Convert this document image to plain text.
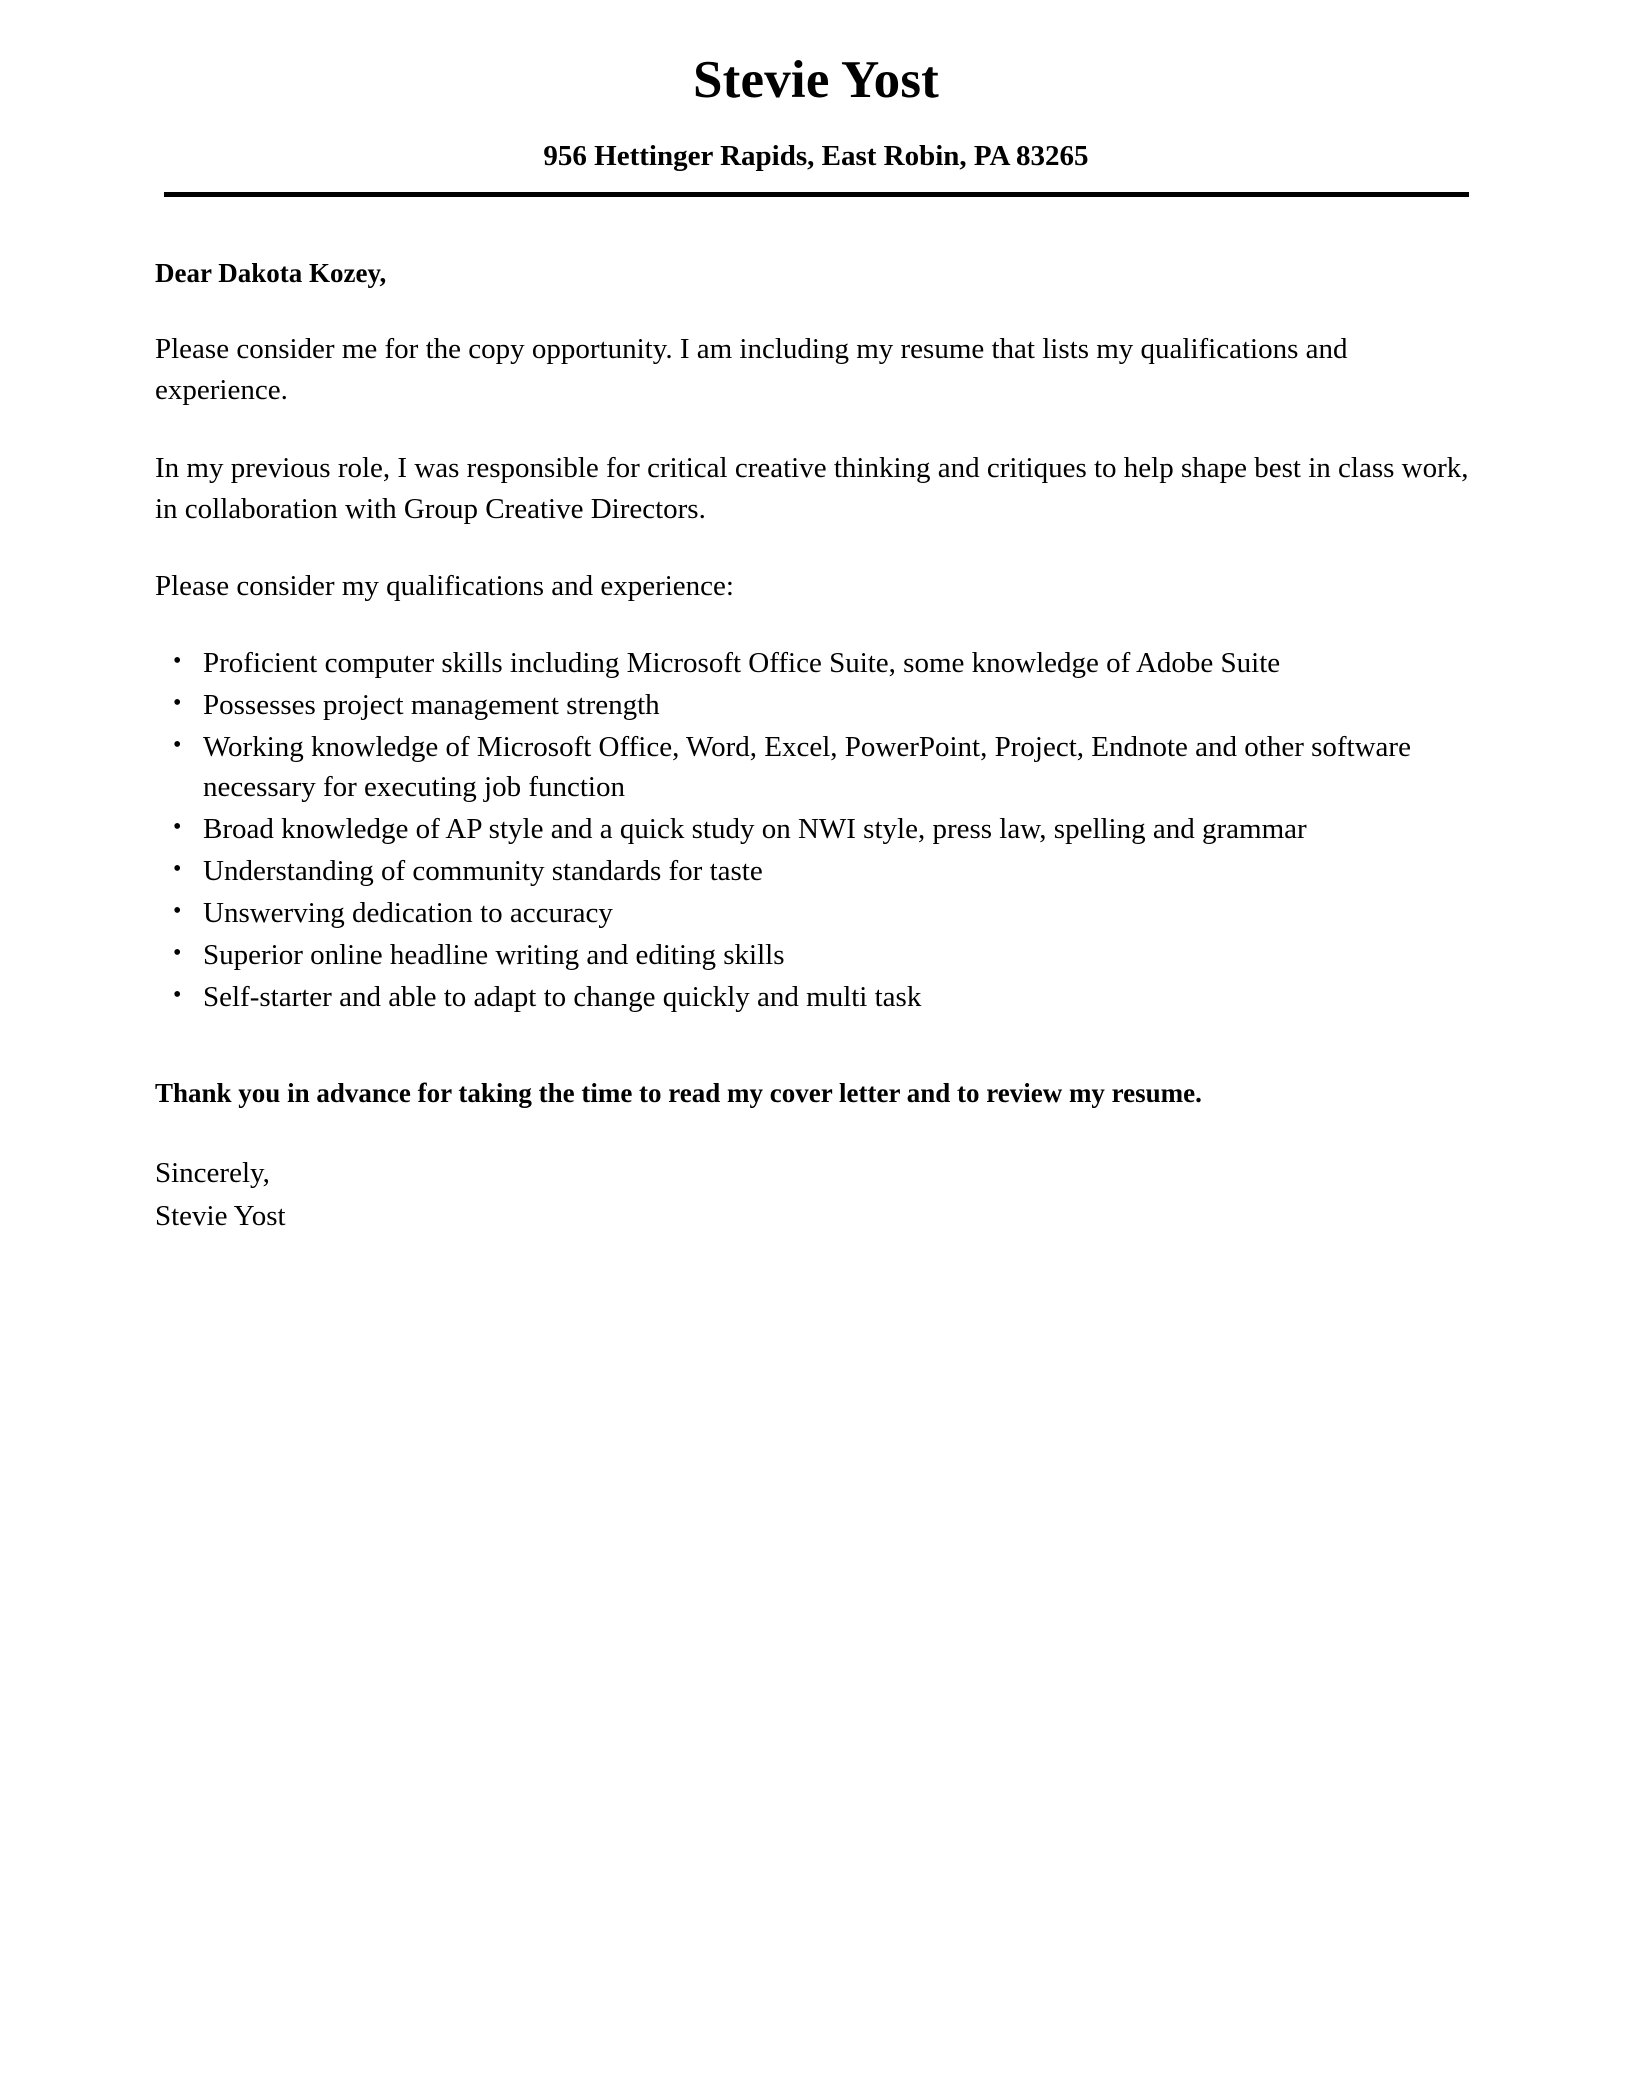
Stevie Yost
956 Hettinger Rapids, East Robin, PA 83265

Dear Dakota Kozey,

Please consider me for the copy opportunity. I am including my resume that lists my qualifications and experience.

In my previous role, I was responsible for critical creative thinking and critiques to help shape best in class work, in collaboration with Group Creative Directors.

Please consider my qualifications and experience:

• Proficient computer skills including Microsoft Office Suite, some knowledge of Adobe Suite
• Possesses project management strength
• Working knowledge of Microsoft Office, Word, Excel, PowerPoint, Project, Endnote and other software necessary for executing job function
• Broad knowledge of AP style and a quick study on NWI style, press law, spelling and grammar
• Understanding of community standards for taste
• Unswerving dedication to accuracy
• Superior online headline writing and editing skills
• Self-starter and able to adapt to change quickly and multi task

Thank you in advance for taking the time to read my cover letter and to review my resume.

Sincerely,

Stevie Yost
